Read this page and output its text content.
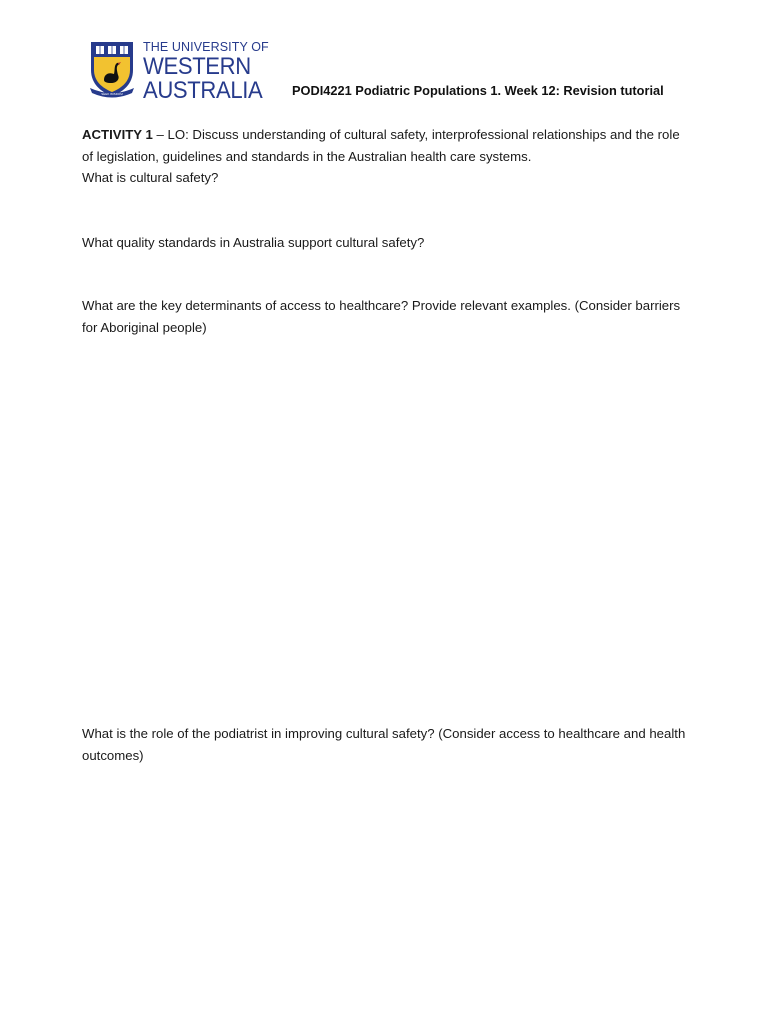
SEEK WISDOM
THE UNIVERSITY OF
WESTERN
AUSTRALIA PODI4221 Podiatric Populations 1. Week 12: Revision tutorial
ACTIVITY 1 – LO: Discuss understanding of cultural safety, interprofessional relationships and the role of legislation, guidelines and standards in the Australian health care systems.
What is cultural safety?
What quality standards in Australia support cultural safety?
What are the key determinants of access to healthcare? Provide relevant examples. (Consider barriers for Aboriginal people)
What is the role of the podiatrist in improving cultural safety? (Consider access to healthcare and health outcomes)
